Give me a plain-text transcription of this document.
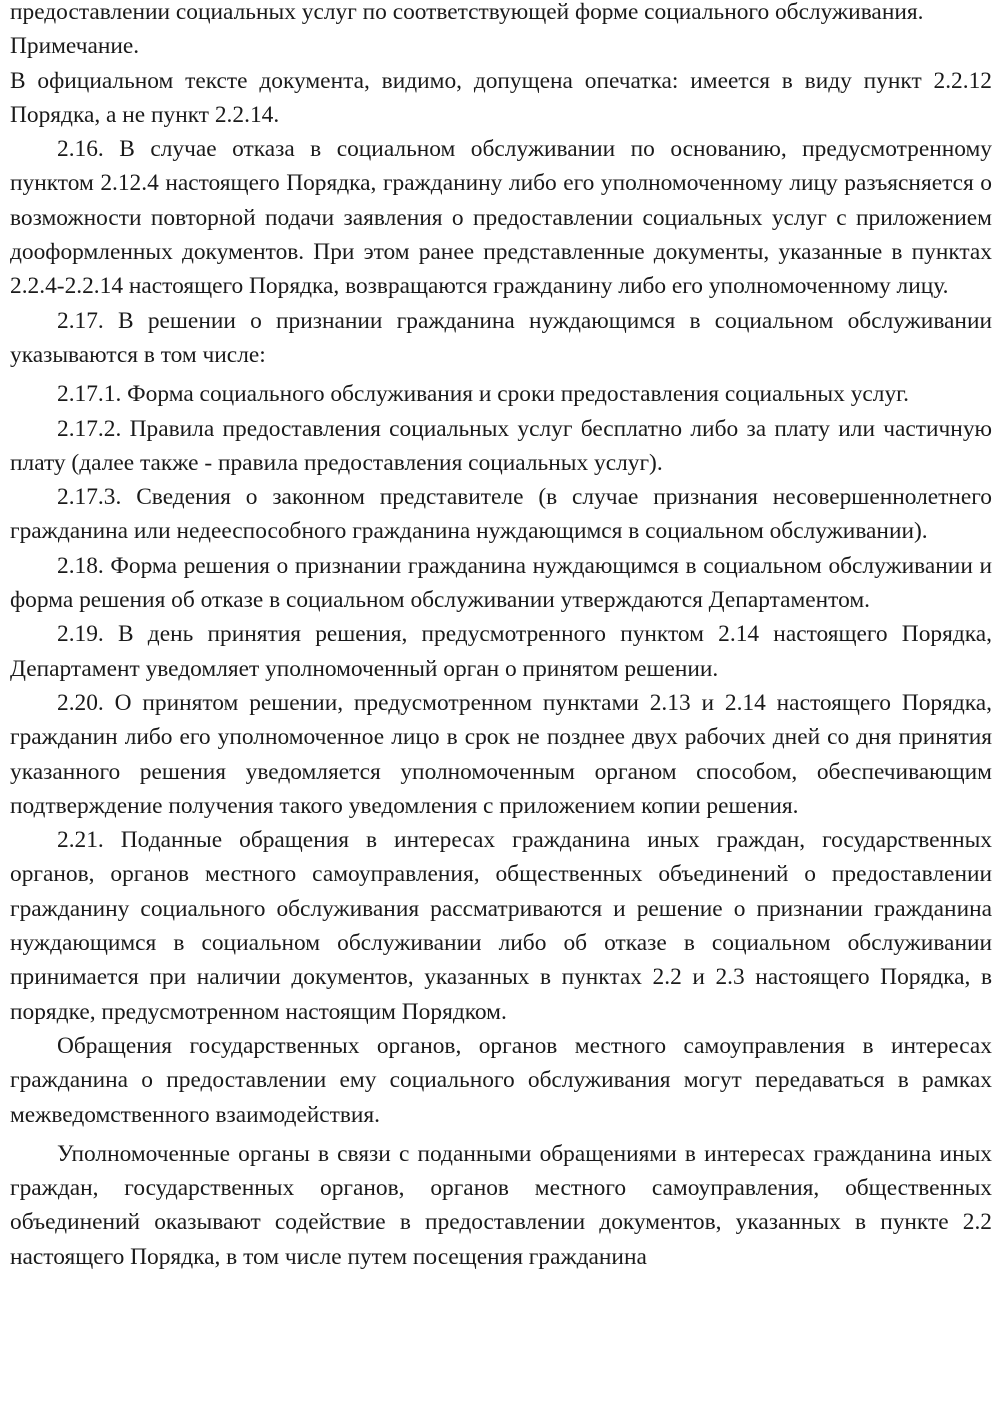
предоставлении социальных услуг по соответствующей форме социального обслуживания.

Примечание.

В официальном тексте документа, видимо, допущена опечатка: имеется в виду пункт 2.2.12 Порядка, а не пункт 2.2.14.

2.16. В случае отказа в социальном обслуживании по основанию, предусмотренному пунктом 2.12.4 настоящего Порядка, гражданину либо его уполномоченному лицу разъясняется о возможности повторной подачи заявления о предоставлении социальных услуг с приложением дооформленных документов. При этом ранее представленные документы, указанные в пунктах 2.2.4-2.2.14 настоящего Порядка, возвращаются гражданину либо его уполномоченному лицу.

2.17. В решении о признании гражданина нуждающимся в социальном обслуживании указываются в том числе:

2.17.1. Форма социального обслуживания и сроки предоставления социальных услуг.

2.17.2. Правила предоставления социальных услуг бесплатно либо за плату или частичную плату (далее также - правила предоставления социальных услуг).

2.17.3. Сведения о законном представителе (в случае признания несовершеннолетнего гражданина или недееспособного гражданина нуждающимся в социальном обслуживании).

2.18. Форма решения о признании гражданина нуждающимся в социальном обслуживании и форма решения об отказе в социальном обслуживании утверждаются Департаментом.

2.19. В день принятия решения, предусмотренного пунктом 2.14 настоящего Порядка, Департамент уведомляет уполномоченный орган о принятом решении.

2.20. О принятом решении, предусмотренном пунктами 2.13 и 2.14 настоящего Порядка, гражданин либо его уполномоченное лицо в срок не позднее двух рабочих дней со дня принятия указанного решения уведомляется уполномоченным органом способом, обеспечивающим подтверждение получения такого уведомления с приложением копии решения.

2.21. Поданные обращения в интересах гражданина иных граждан, государственных органов, органов местного самоуправления, общественных объединений о предоставлении гражданину социального обслуживания рассматриваются и решение о признании гражданина нуждающимся в социальном обслуживании либо об отказе в социальном обслуживании принимается при наличии документов, указанных в пунктах 2.2 и 2.3 настоящего Порядка, в порядке, предусмотренном настоящим Порядком.

Обращения государственных органов, органов местного самоуправления в интересах гражданина о предоставлении ему социального обслуживания могут передаваться в рамках межведомственного взаимодействия.

Уполномоченные органы в связи с поданными обращениями в интересах гражданина иных граждан, государственных органов, органов местного самоуправления, общественных объединений оказывают содействие в предоставлении документов, указанных в пункте 2.2 настоящего Порядка, в том числе путем посещения гражданина
